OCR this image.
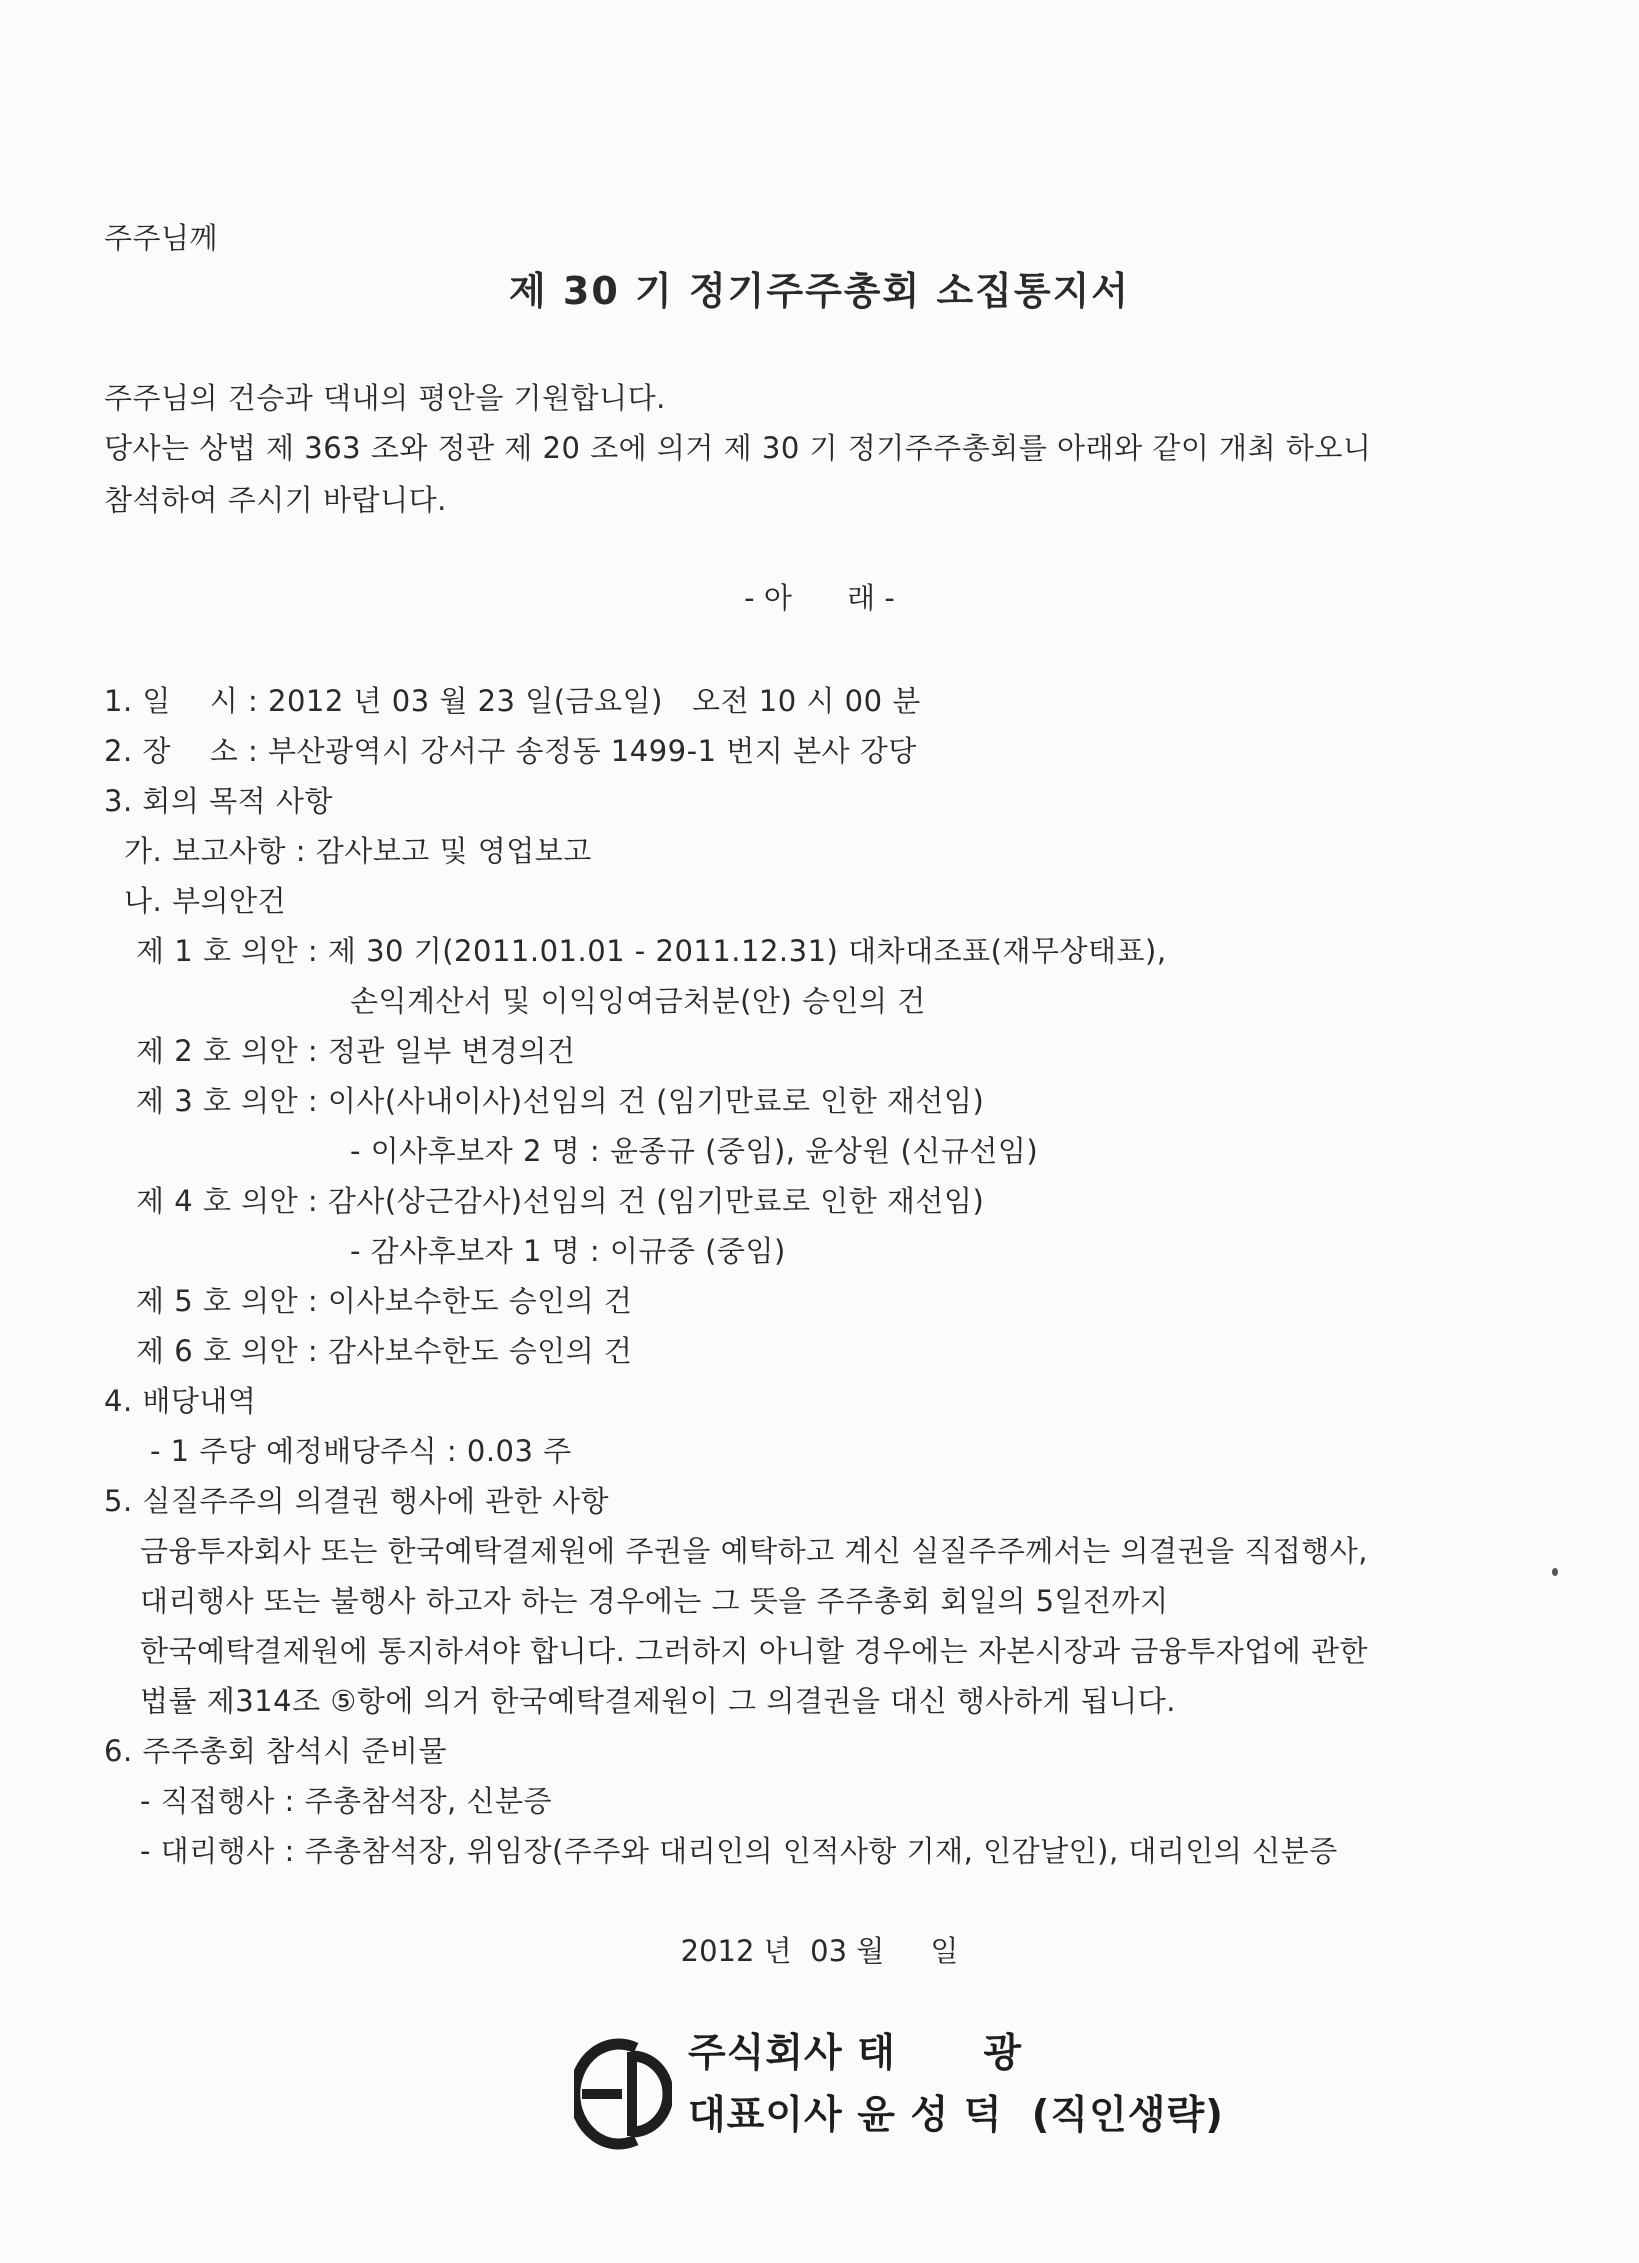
주주님께
제 30 기 정기주주총회 소집통지서
주주님의 건승과 댁내의 평안을 기원합니다.
당사는 상법 제 363 조와 정관 제 20 조에 의거 제 30 기 정기주주총회를 아래와 같이 개최 하오니
참석하여 주시기 바랍니다.
- 아      래 -
1. 일    시 : 2012 년 03 월 23 일(금요일)   오전 10 시 00 분
2. 장    소 : 부산광역시 강서구 송정동 1499-1 번지 본사 강당
3. 회의 목적 사항
가. 보고사항 : 감사보고 및 영업보고
나. 부의안건
제 1 호 의안 : 제 30 기(2011.01.01 - 2011.12.31) 대차대조표(재무상태표),
손익계산서 및 이익잉여금처분(안) 승인의 건
제 2 호 의안 : 정관 일부 변경의건
제 3 호 의안 : 이사(사내이사)선임의 건 (임기만료로 인한 재선임)
- 이사후보자 2 명 : 윤종규 (중임), 윤상원 (신규선임)
제 4 호 의안 : 감사(상근감사)선임의 건 (임기만료로 인한 재선임)
- 감사후보자 1 명 : 이규중 (중임)
제 5 호 의안 : 이사보수한도 승인의 건
제 6 호 의안 : 감사보수한도 승인의 건
4. 배당내역
- 1 주당 예정배당주식 : 0.03 주
5. 실질주주의 의결권 행사에 관한 사항
금융투자회사 또는 한국예탁결제원에 주권을 예탁하고 계신 실질주주께서는 의결권을 직접행사,
대리행사 또는 불행사 하고자 하는 경우에는 그 뜻을 주주총회 회일의 5일전까지
한국예탁결제원에 통지하셔야 합니다. 그러하지 아니할 경우에는 자본시장과 금융투자업에 관한
법률 제314조 ⑤항에 의거 한국예탁결제원이 그 의결권을 대신 행사하게 됩니다.
6. 주주총회 참석시 준비물
- 직접행사 : 주총참석장, 신분증
- 대리행사 : 주총참석장, 위임장(주주와 대리인의 인적사항 기재, 인감날인), 대리인의 신분증
2012 년  03 월     일
주식회사 태      광
대표이사 윤 성 덕  (직인생략)
